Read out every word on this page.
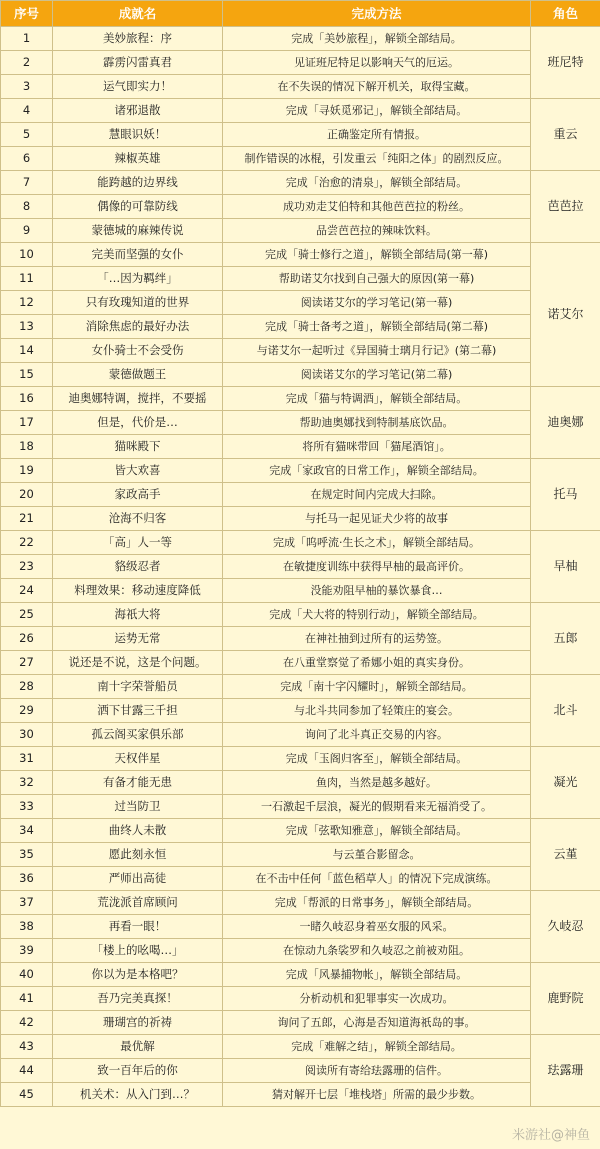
序号	成就名	完成方法	角色
1	美妙旅程：序	完成「美妙旅程」，解锁全部结局。	班尼特
2	霹雳闪雷真君	见证班尼特足以影响天气的厄运。	
3	运气即实力！	在不失误的情况下解开机关，取得宝藏。	
4	诸邪退散	完成「寻妖觅邪记」，解锁全部结局。	重云
5	慧眼识妖！	正确鉴定所有情报。	
6	辣椒英雄	制作错误的冰棍，引发重云「纯阳之体」的剧烈反应。	
7	能跨越的边界线	完成「治愈的清泉」，解锁全部结局。	芭芭拉
8	偶像的可靠防线	成功劝走艾伯特和其他芭芭拉的粉丝。	
9	蒙德城的麻辣传说	品尝芭芭拉的辣味饮料。	
10	完美而坚强的女仆	完成「骑士修行之道」，解锁全部结局(第一幕)	诺艾尔
11	「…因为羁绊」	帮助诺艾尔找到自己强大的原因(第一幕)	
12	只有玫瑰知道的世界	阅读诺艾尔的学习笔记(第一幕)	
13	消除焦虑的最好办法	完成「骑士备考之道」，解锁全部结局(第二幕)	
14	女仆骑士不会受伤	与诺艾尔一起听过《异国骑士璃月行记》(第二幕)	
15	蒙德做题王	阅读诺艾尔的学习笔记(第二幕)	
16	迪奥娜特调，搅拌，不要摇	完成「猫与特调酒」，解锁全部结局。	迪奥娜
17	但是，代价是…	帮助迪奥娜找到特制基底饮品。	
18	猫咪殿下	将所有猫咪带回「猫尾酒馆」。	
19	皆大欢喜	完成「家政官的日常工作」，解锁全部结局。	托马
20	家政高手	在规定时间内完成大扫除。	
21	沧海不归客	与托马一起见证犬少将的故事	
22	「高」人一等	完成「呜呼流·生长之术」，解锁全部结局。	早柚
23	貉级忍者	在敏捷度训练中获得早柚的最高评价。	
24	料理效果：移动速度降低	没能劝阻早柚的暴饮暴食…	
25	海祇大将	完成「犬大将的特别行动」，解锁全部结局。	五郎
26	运势无常	在神社抽到过所有的运势签。	
27	说还是不说，这是个问题。	在八重堂察觉了希娜小姐的真实身份。	
28	南十字荣誉船员	完成「南十字闪耀时」，解锁全部结局。	北斗
29	洒下甘露三千担	与北斗共同参加了轻策庄的宴会。	
30	孤云阁买家俱乐部	询问了北斗真正交易的内容。	
31	天权伴星	完成「玉阁归客至」，解锁全部结局。	凝光
32	有备才能无患	鱼肉，当然是越多越好。	
33	过当防卫	一石激起千层浪，凝光的假期看来无福消受了。	
34	曲终人未散	完成「弦歌知雅意」，解锁全部结局。	云堇
35	愿此刻永恒	与云堇合影留念。	
36	严师出高徒	在不击中任何「蓝色稻草人」的情况下完成演练。	
37	荒泷派首席顾问	完成「帮派的日常事务」，解锁全部结局。	久岐忍
38	再看一眼！	一睹久岐忍身着巫女服的风采。	
39	「楼上的吆喝…」	在惊动九条裟罗和久岐忍之前被劝阻。	
40	你以为是本格吧？	完成「风暴捕物帐」，解锁全部结局。	鹿野院
41	吾乃完美真探！	分析动机和犯罪事实一次成功。	
42	珊瑚宫的祈祷	询问了五郎，心海是否知道海祇岛的事。	
43	最优解	完成「难解之结」，解锁全部结局。	珐露珊
44	致一百年后的你	阅读所有寄给珐露珊的信件。	
45	机关术：从入门到…？	猜对解开七层「堆栈塔」所需的最少步数。	
米游社@神鱼
